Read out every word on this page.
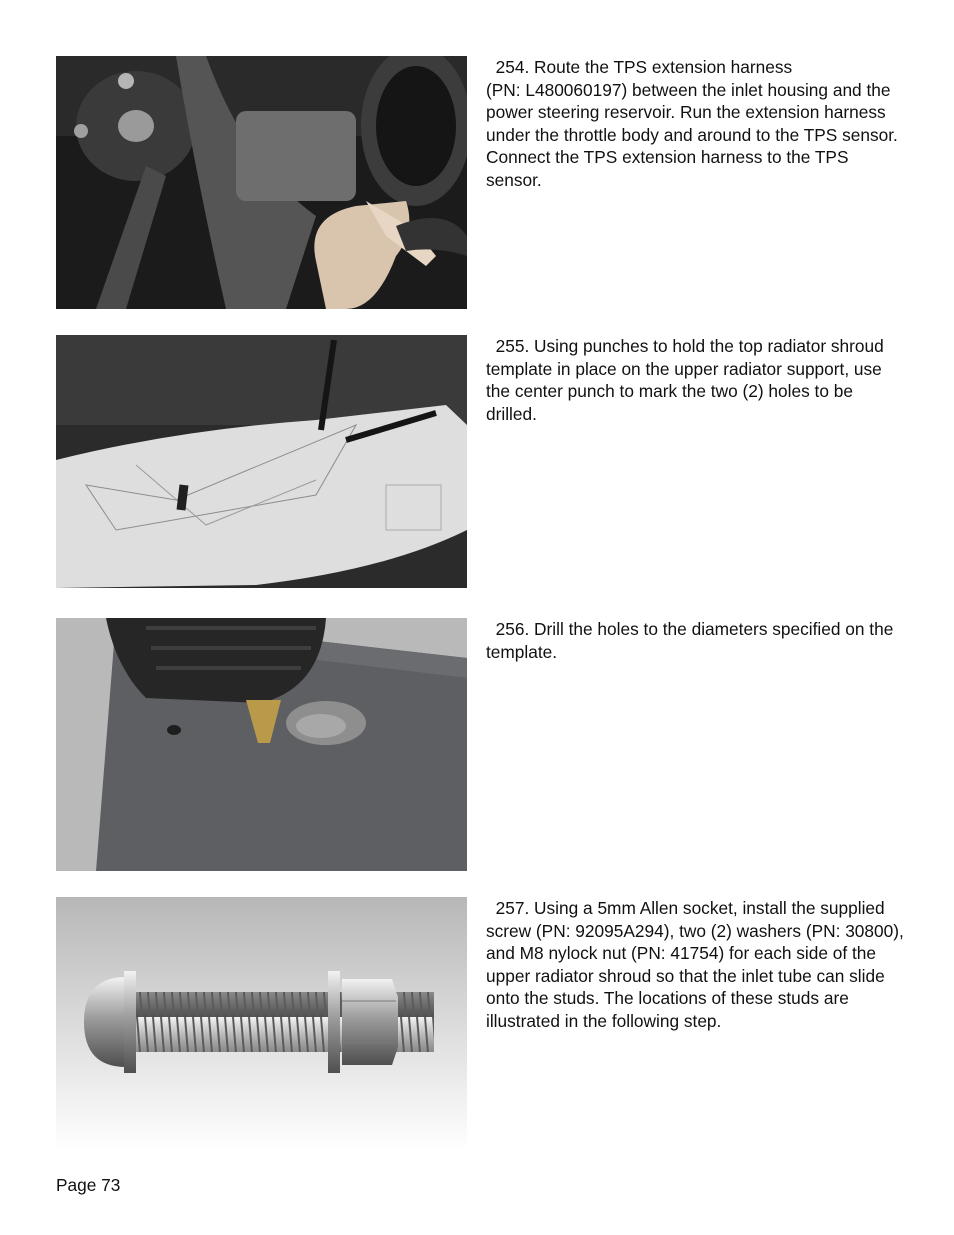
254. Route the TPS extension harness
(PN: L480060197) between the inlet housing and the power steering reservoir. Run the extension harness under the throttle body and around to the TPS sensor. Connect the TPS extension harness to the TPS sensor.
255. Using punches to hold the top radiator shroud template in place on the upper radiator support, use the center punch to mark the two (2) holes to be drilled.
256. Drill the holes to the diameters specified on the template.
257. Using a 5mm Allen socket, install the supplied screw (PN: 92095A294), two (2) washers (PN: 30800), and M8 nylock nut (PN: 41754) for each side of the upper radiator shroud so that the inlet tube can slide onto the studs. The locations of these studs are illustrated in the following step.
Page 73
